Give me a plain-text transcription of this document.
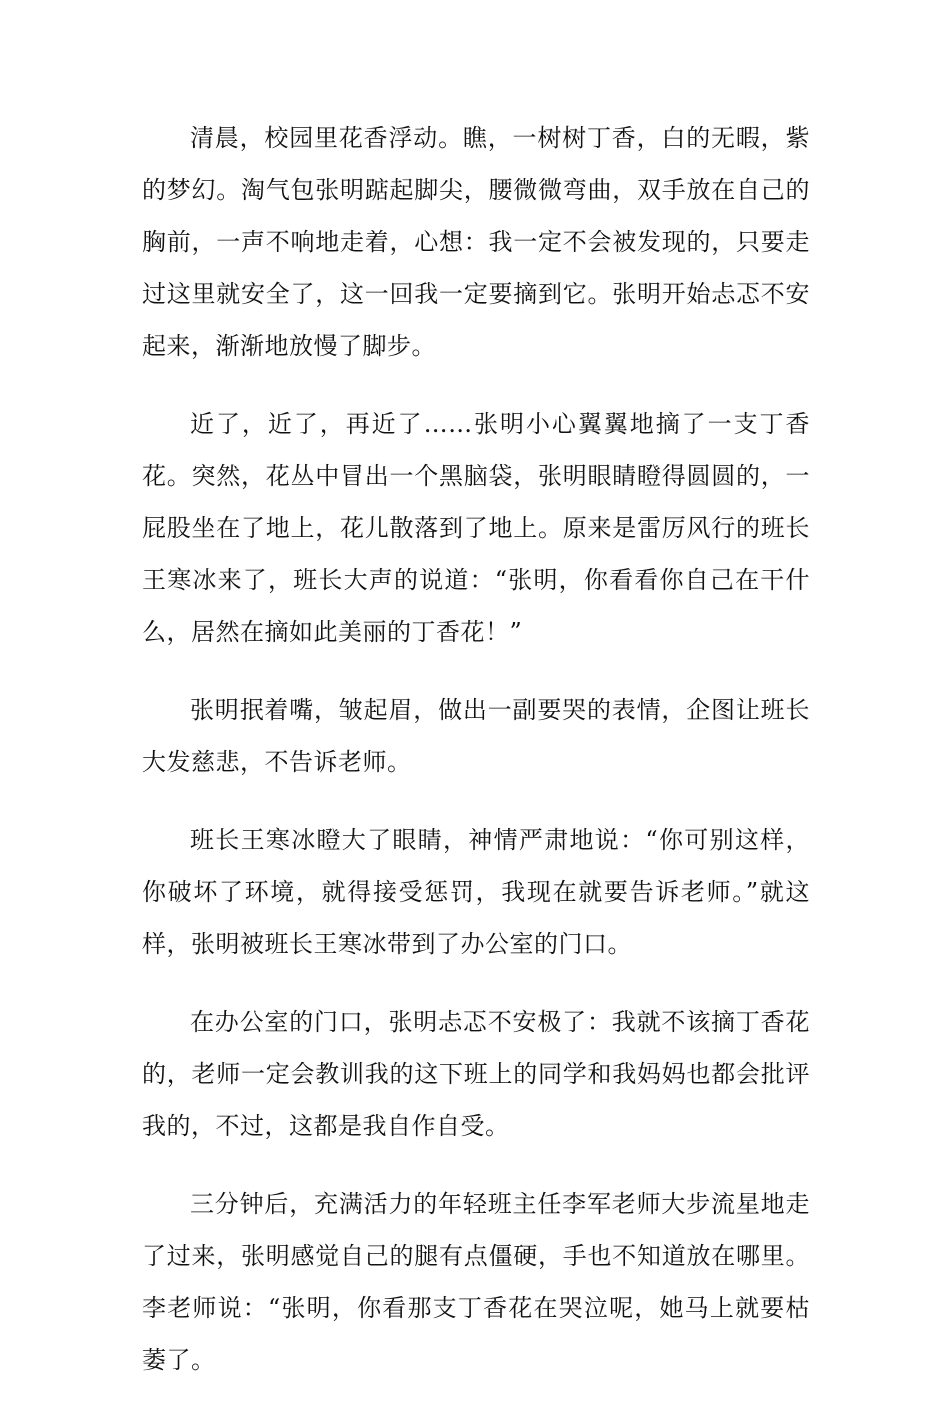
清晨，校园里花香浮动。瞧，一树树丁香，白的无暇，紫的梦幻。淘气包张明踮起脚尖，腰微微弯曲，双手放在自己的胸前，一声不响地走着，心想：我一定不会被发现的，只要走过这里就安全了，这一回我一定要摘到它。张明开始忐忑不安起来，渐渐地放慢了脚步。

近了，近了，再近了……张明小心翼翼地摘了一支丁香花。突然，花丛中冒出一个黑脑袋，张明眼睛瞪得圆圆的，一屁股坐在了地上，花儿散落到了地上。原来是雷厉风行的班长王寒冰来了，班长大声的说道：“张明，你看看你自己在干什么，居然在摘如此美丽的丁香花！”

张明抿着嘴，皱起眉，做出一副要哭的表情，企图让班长大发慈悲，不告诉老师。

班长王寒冰瞪大了眼睛，神情严肃地说：“你可别这样，你破坏了环境，就得接受惩罚，我现在就要告诉老师。”就这样，张明被班长王寒冰带到了办公室的门口。

在办公室的门口，张明忐忑不安极了：我就不该摘丁香花的，老师一定会教训我的这下班上的同学和我妈妈也都会批评我的，不过，这都是我自作自受。

三分钟后，充满活力的年轻班主任李军老师大步流星地走了过来，张明感觉自己的腿有点僵硬，手也不知道放在哪里。李老师说：“张明，你看那支丁香花在哭泣呢，她马上就要枯萎了。
